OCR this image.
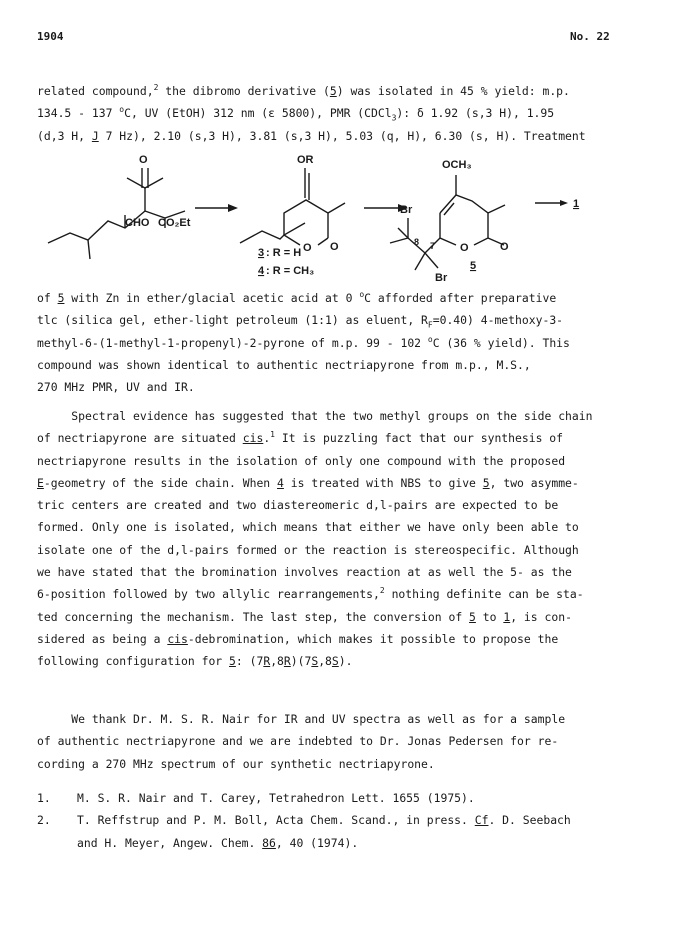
1904	No. 22
related compound,$^2$ the dibromo derivative (5) was isolated in 45 % yield: m.p.
134.5 - 137 $^o$C, UV (EtOH) 312 nm (ε 5800), PMR (CDCl$_3$): δ 1.92 (s,3 H), 1.95
(d,3 H, J 7 Hz), 2.10 (s,3 H), 3.81 (s,3 H), 5.03 (q, H), 6.30 (s, H). Treatment
O
CHO CO₂Et
OR
O O
OCH₃
Br
Br
8 7 O	O
1
3 : R = H
4 : R = CH₃	5
of 5 with Zn in ether/glacial acetic acid at 0 $^o$C afforded after preparative
tlc (silica gel, ether-light petroleum (1:1) as eluent, $R_F=0.40$) 4-methoxy-3-
methyl-6-(1-methyl-1-propenyl)-2-pyrone of m.p. 99 - 102 $^o$C (36 % yield). This
compound was shown identical to authentic nectriapyrone from m.p., M.S.,
270 MHz PMR, UV and IR.
Spectral evidence has suggested that the two methyl groups on the side chain
of nectriapyrone are situated cis.$^1$ It is puzzling fact that our synthesis of
nectriapyrone results in the isolation of only one compound with the proposed
E-geometry of the side chain. When 4 is treated with NBS to give 5, two asymme-
tric centers are created and two diastereomeric d,l-pairs are expected to be
formed. Only one is isolated, which means that either we have only been able to
isolate one of the d,l-pairs formed or the reaction is stereospecific. Although
we have stated that the bromination involves reaction at as well the 5- as the
6-position followed by two allylic rearrangements,$^2$ nothing definite can be sta-
ted concerning the mechanism. The last step, the conversion of 5 to 1, is con-
sidered as being a cis-debromination, which makes it possible to propose the
following configuration for 5: (7R,8R)(7S,8S).
We thank Dr. M. S. R. Nair for IR and UV spectra as well as for a sample
of authentic nectriapyrone and we are indebted to Dr. Jonas Pedersen for re-
cording a 270 MHz spectrum of our synthetic nectriapyrone.
1. M. S. R. Nair and T. Carey, Tetrahedron Lett. 1655 (1975).
2. T. Reffstrup and P. M. Boll, Acta Chem. Scand., in press. Cf. D. Seebach
and H. Meyer, Angew. Chem. 86, 40 (1974).
